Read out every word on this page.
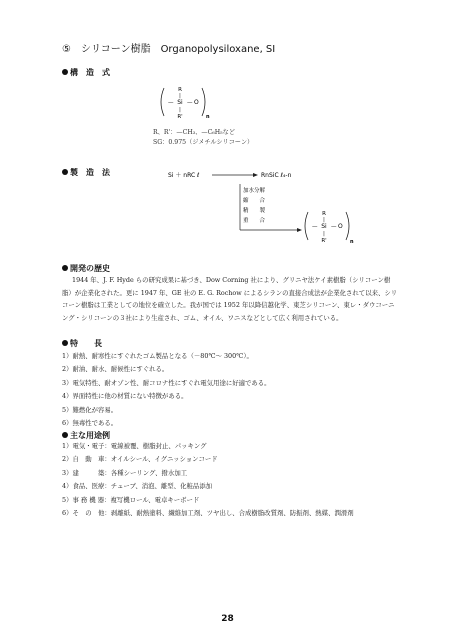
⑤　シリコーン樹脂　Organopolysiloxane, SI
構　造　式
R
|
— Si — O
|
R'	n
R、R'：—CH₃、—C₆H₅など
SG：0.975（ジメチルシリコーン）
製　造　法	Si ＋ nRC ℓ	RnSiC ℓ₄-n
加水分解
縮　　合
精　　製
重　　合
R
|
— Si — O
|
R'	n
開発の歴史
1944 年、J. F. Hyde らの研究成果に基づき、Dow Corning 社により、グリニヤ法ケイ素樹脂（シリコーン樹脂）が企業化された。更に 1947 年、GE 社の E. G. Rochow によるシランの直接合成法が企業化されて以来、シリコーン樹脂は工業としての地位を確立した。我が国では 1952 年以降信越化学、東芝シリコーン、東レ・ダウコーニング・シリコーンの３社により生産され、ゴム、オイル、ワニスなどとして広く利用されている。
特　　長
1）耐熱、耐寒性にすぐれたゴム製品となる（－80℃～ 300℃）。
2）耐油、耐水、耐候性にすぐれる。
3）電気特性、耐オゾン性、耐コロナ性にすぐれ電気用途に好適である。
4）界面特性に他の材質にない特徴がある。
5）難燃化が容易。
6）無毒性である。
主な用途例
1）電気・電子：電線被覆、樹脂封止、パッキング
2）自　動　車：オイルシール、イグニッションコード
3）建　　　築：各種シーリング、撥水加工
4）食品、医療：チューブ、消泡、離型、化粧品添加
5）事 務 機 器：複写機ロール、電卓キーボード
6）そ　の　他：剥離紙、耐熱塗料、繊維加工剤、ツヤ出し、合成樹脂改質剤、防振剤、熱媒、潤滑剤
28
